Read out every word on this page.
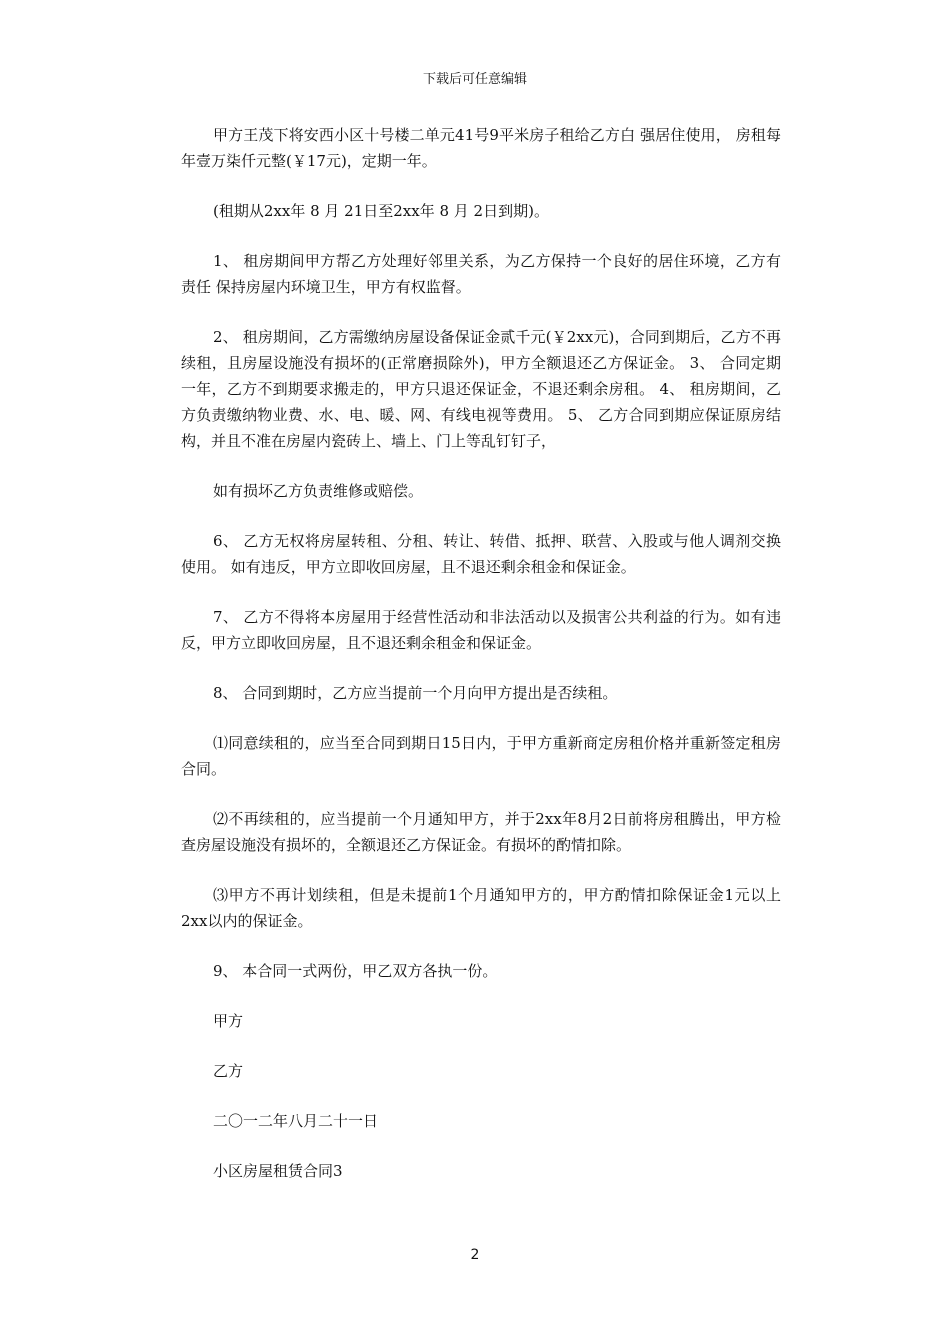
下载后可任意编辑

甲方王茂下将安西小区十号楼二单元41号9平米房子租给乙方白 强居住使用， 房租每年壹万柒仟元整(￥17元)，定期一年。

(租期从2xx年 8 月 21日至2xx年 8 月 2日到期)。

1、 租房期间甲方帮乙方处理好邻里关系，为乙方保持一个良好的居住环境，乙方有责任 保持房屋内环境卫生，甲方有权监督。

2、 租房期间，乙方需缴纳房屋设备保证金贰千元(￥2xx元)，合同到期后，乙方不再 续租，且房屋设施没有损坏的(正常磨损除外)，甲方全额退还乙方保证金。 3、 合同定期一年，乙方不到期要求搬走的，甲方只退还保证金，不退还剩余房租。 4、 租房期间，乙方负责缴纳物业费、水、电、暖、网、有线电视等费用。 5、 乙方合同到期应保证原房结构，并且不准在房屋内瓷砖上、墙上、门上等乱钉钉子，

如有损坏乙方负责维修或赔偿。

6、 乙方无权将房屋转租、分租、转让、转借、抵押、联营、入股或与他人调剂交换使用。 如有违反，甲方立即收回房屋，且不退还剩余租金和保证金。

7、 乙方不得将本房屋用于经营性活动和非法活动以及损害公共利益的行为。如有违反，甲方立即收回房屋，且不退还剩余租金和保证金。

8、 合同到期时，乙方应当提前一个月向甲方提出是否续租。

⑴同意续租的，应当至合同到期日15日内，于甲方重新商定房租价格并重新签定租房合同。

⑵不再续租的，应当提前一个月通知甲方，并于2xx年8月2日前将房租腾出，甲方检查房屋设施没有损坏的，全额退还乙方保证金。有损坏的酌情扣除。

⑶甲方不再计划续租，但是未提前1个月通知甲方的，甲方酌情扣除保证金1元以上2xx以内的保证金。

9、 本合同一式两份，甲乙双方各执一份。

甲方

乙方

二〇一二年八月二十一日

小区房屋租赁合同3

2
